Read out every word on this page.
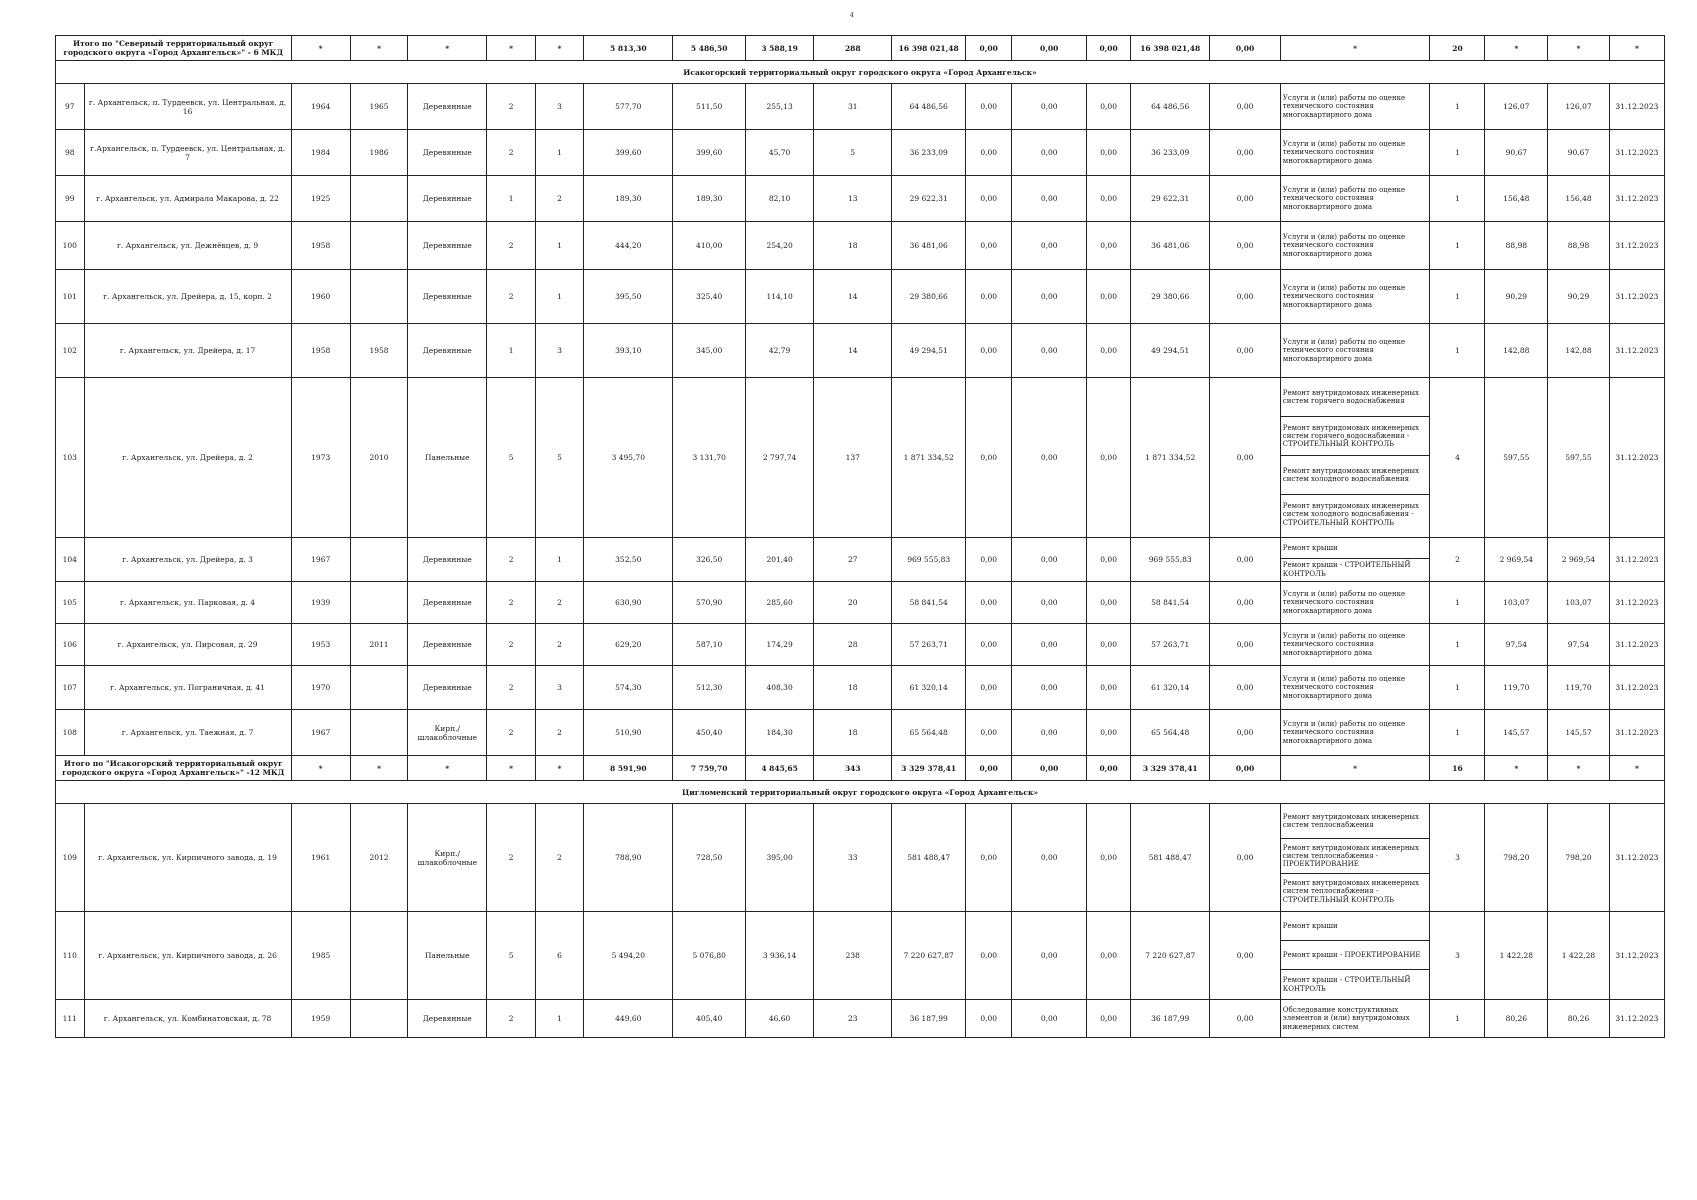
4
Итого по "Северный территориальный округ городского округа «Город Архангельск»" - 6 МКД		*	*	*	*	*	5 813,30	5 486,50	3 588,19	288	16 398 021,48	0,00	0,00	0,00	16 398 021,48	0,00	*	20	*	*	*
Исакогорский территориальный округ городского округа «Город Архангельск»																					
97	г. Архангельск, п. Турдеевск, ул. Центральная, д. 16	1964	1965	Деревянные	2	3	577,70	511,50	255,13	31	64 486,56	0,00	0,00	0,00	64 486,56	0,00	Услуги и (или) работы по оценке технического состояния многоквартирного дома	1	126,07	126,07	31.12.2023
98	г.Архангельск, п. Турдеевск, ул. Центральная, д. 7	1984	1986	Деревянные	2	1	399,60	399,60	45,70	5	36 233,09	0,00	0,00	0,00	36 233,09	0,00	Услуги и (или) работы по оценке технического состояния многоквартирного дома	1	90,67	90,67	31.12.2023
99	г. Архангельск, ул. Адмирала Макарова, д. 22	1925		Деревянные	1	2	189,30	189,30	82,10	13	29 622,31	0,00	0,00	0,00	29 622,31	0,00	Услуги и (или) работы по оценке технического состояния многоквартирного дома	1	156,48	156,48	31.12.2023
100	г. Архангельск, ул. Дежнёвцев, д. 9	1958		Деревянные	2	1	444,20	410,00	254,20	18	36 481,06	0,00	0,00	0,00	36 481,06	0,00	Услуги и (или) работы по оценке технического состояния многоквартирного дома	1	88,98	88,98	31.12.2023
101	г. Архангельск, ул. Дрейера, д. 15, корп. 2	1960		Деревянные	2	1	395,50	325,40	114,10	14	29 380,66	0,00	0,00	0,00	29 380,66	0,00	Услуги и (или) работы по оценке технического состояния многоквартирного дома	1	90,29	90,29	31.12.2023
102	г. Архангельск, ул. Дрейера, д. 17	1958	1958	Деревянные	1	3	393,10	345,00	42,79	14	49 294,51	0,00	0,00	0,00	49 294,51	0,00	Услуги и (или) работы по оценке технического состояния многоквартирного дома	1	142,88	142,88	31.12.2023
103	г. Архангельск, ул. Дрейера, д. 2	1973	2010	Панельные	5	5	3 495,70	3 131,70	2 797,74	137	1 871 334,52	0,00	0,00	0,00	1 871 334,52	0,00	Ремонт внутридомовых инженерных систем горячего водоснабжения
Ремонт внутридомовых инженерных систем горячего водоснабжения - СТРОИТЕЛЬНЫЙ КОНТРОЛЬ
Ремонт внутридомовых инженерных систем холодного водоснабжения
Ремонт внутридомовых инженерных систем холодного водоснабжения - СТРОИТЕЛЬНЫЙ КОНТРОЛЬ	4	597,55	597,55	31.12.2023
104	г. Архангельск, ул. Дрейера, д. 3	1967		Деревянные	2	1	352,50	326,50	201,40	27	969 555,83	0,00	0,00	0,00	969 555,83	0,00	Ремонт крыши
Ремонт крыши - СТРОИТЕЛЬНЫЙ КОНТРОЛЬ	2	2 969,54	2 969,54	31.12.2023
105	г. Архангельск, ул. Парковая, д. 4	1939		Деревянные	2	2	630,90	570,90	285,60	20	58 841,54	0,00	0,00	0,00	58 841,54	0,00	Услуги и (или) работы по оценке технического состояния многоквартирного дома	1	103,07	103,07	31.12.2023
106	г. Архангельск, ул. Пирсовая, д. 29	1953	2011	Деревянные	2	2	629,20	587,10	174,29	28	57 263,71	0,00	0,00	0,00	57 263,71	0,00	Услуги и (или) работы по оценке технического состояния многоквартирного дома	1	97,54	97,54	31.12.2023
107	г. Архангельск, ул. Пограничная, д. 41	1970		Деревянные	2	3	574,30	512,30	408,30	18	61 320,14	0,00	0,00	0,00	61 320,14	0,00	Услуги и (или) работы по оценке технического состояния многоквартирного дома	1	119,70	119,70	31.12.2023
108	г. Архангельск, ул. Таежная, д. 7	1967		Кирп./шлакоблочные	2	2	510,90	450,40	184,30	18	65 564,48	0,00	0,00	0,00	65 564,48	0,00	Услуги и (или) работы по оценке технического состояния многоквартирного дома	1	145,57	145,57	31.12.2023
Итого по "Исакогорский территориальный округ городского округа «Город Архангельск»" -12 МКД		*	*	*	*	*	8 591,90	7 759,70	4 845,65	343	3 329 378,41	0,00	0,00	0,00	3 329 378,41	0,00	*	16	*	*	*
Цигломенский территориальный округ городского округа «Город Архангельск»																					
109	г. Архангельск, ул. Кирпичного завода, д. 19	1961	2012	Кирп./шлакоблочные	2	2	788,90	728,50	395,00	33	581 488,47	0,00	0,00	0,00	581 488,47	0,00	Ремонт внутридомовых инженерных систем теплоснабжения
Ремонт внутридомовых инженерных систем теплоснабжения - ПРОЕКТИРОВАНИЕ
Ремонт внутридомовых инженерных систем теплоснабжения - СТРОИТЕЛЬНЫЙ КОНТРОЛЬ	3	798,20	798,20	31.12.2023
110	г. Архангельск, ул. Кирпичного завода, д. 26	1985		Панельные	5	6	5 494,20	5 076,80	3 936,14	238	7 220 627,87	0,00	0,00	0,00	7 220 627,87	0,00	Ремонт крыши
Ремонт крыши - ПРОЕКТИРОВАНИЕ
Ремонт крыши - СТРОИТЕЛЬНЫЙ КОНТРОЛЬ	3	1 422,28	1 422,28	31.12.2023
111	г. Архангельск, ул. Комбинатовская, д. 78	1959		Деревянные	2	1	449,60	405,40	46,60	23	36 187,99	0,00	0,00	0,00	36 187,99	0,00	Обследование конструктивных элементов и (или) внутридомовых инженерных систем	1	80,26	80,26	31.12.2023
